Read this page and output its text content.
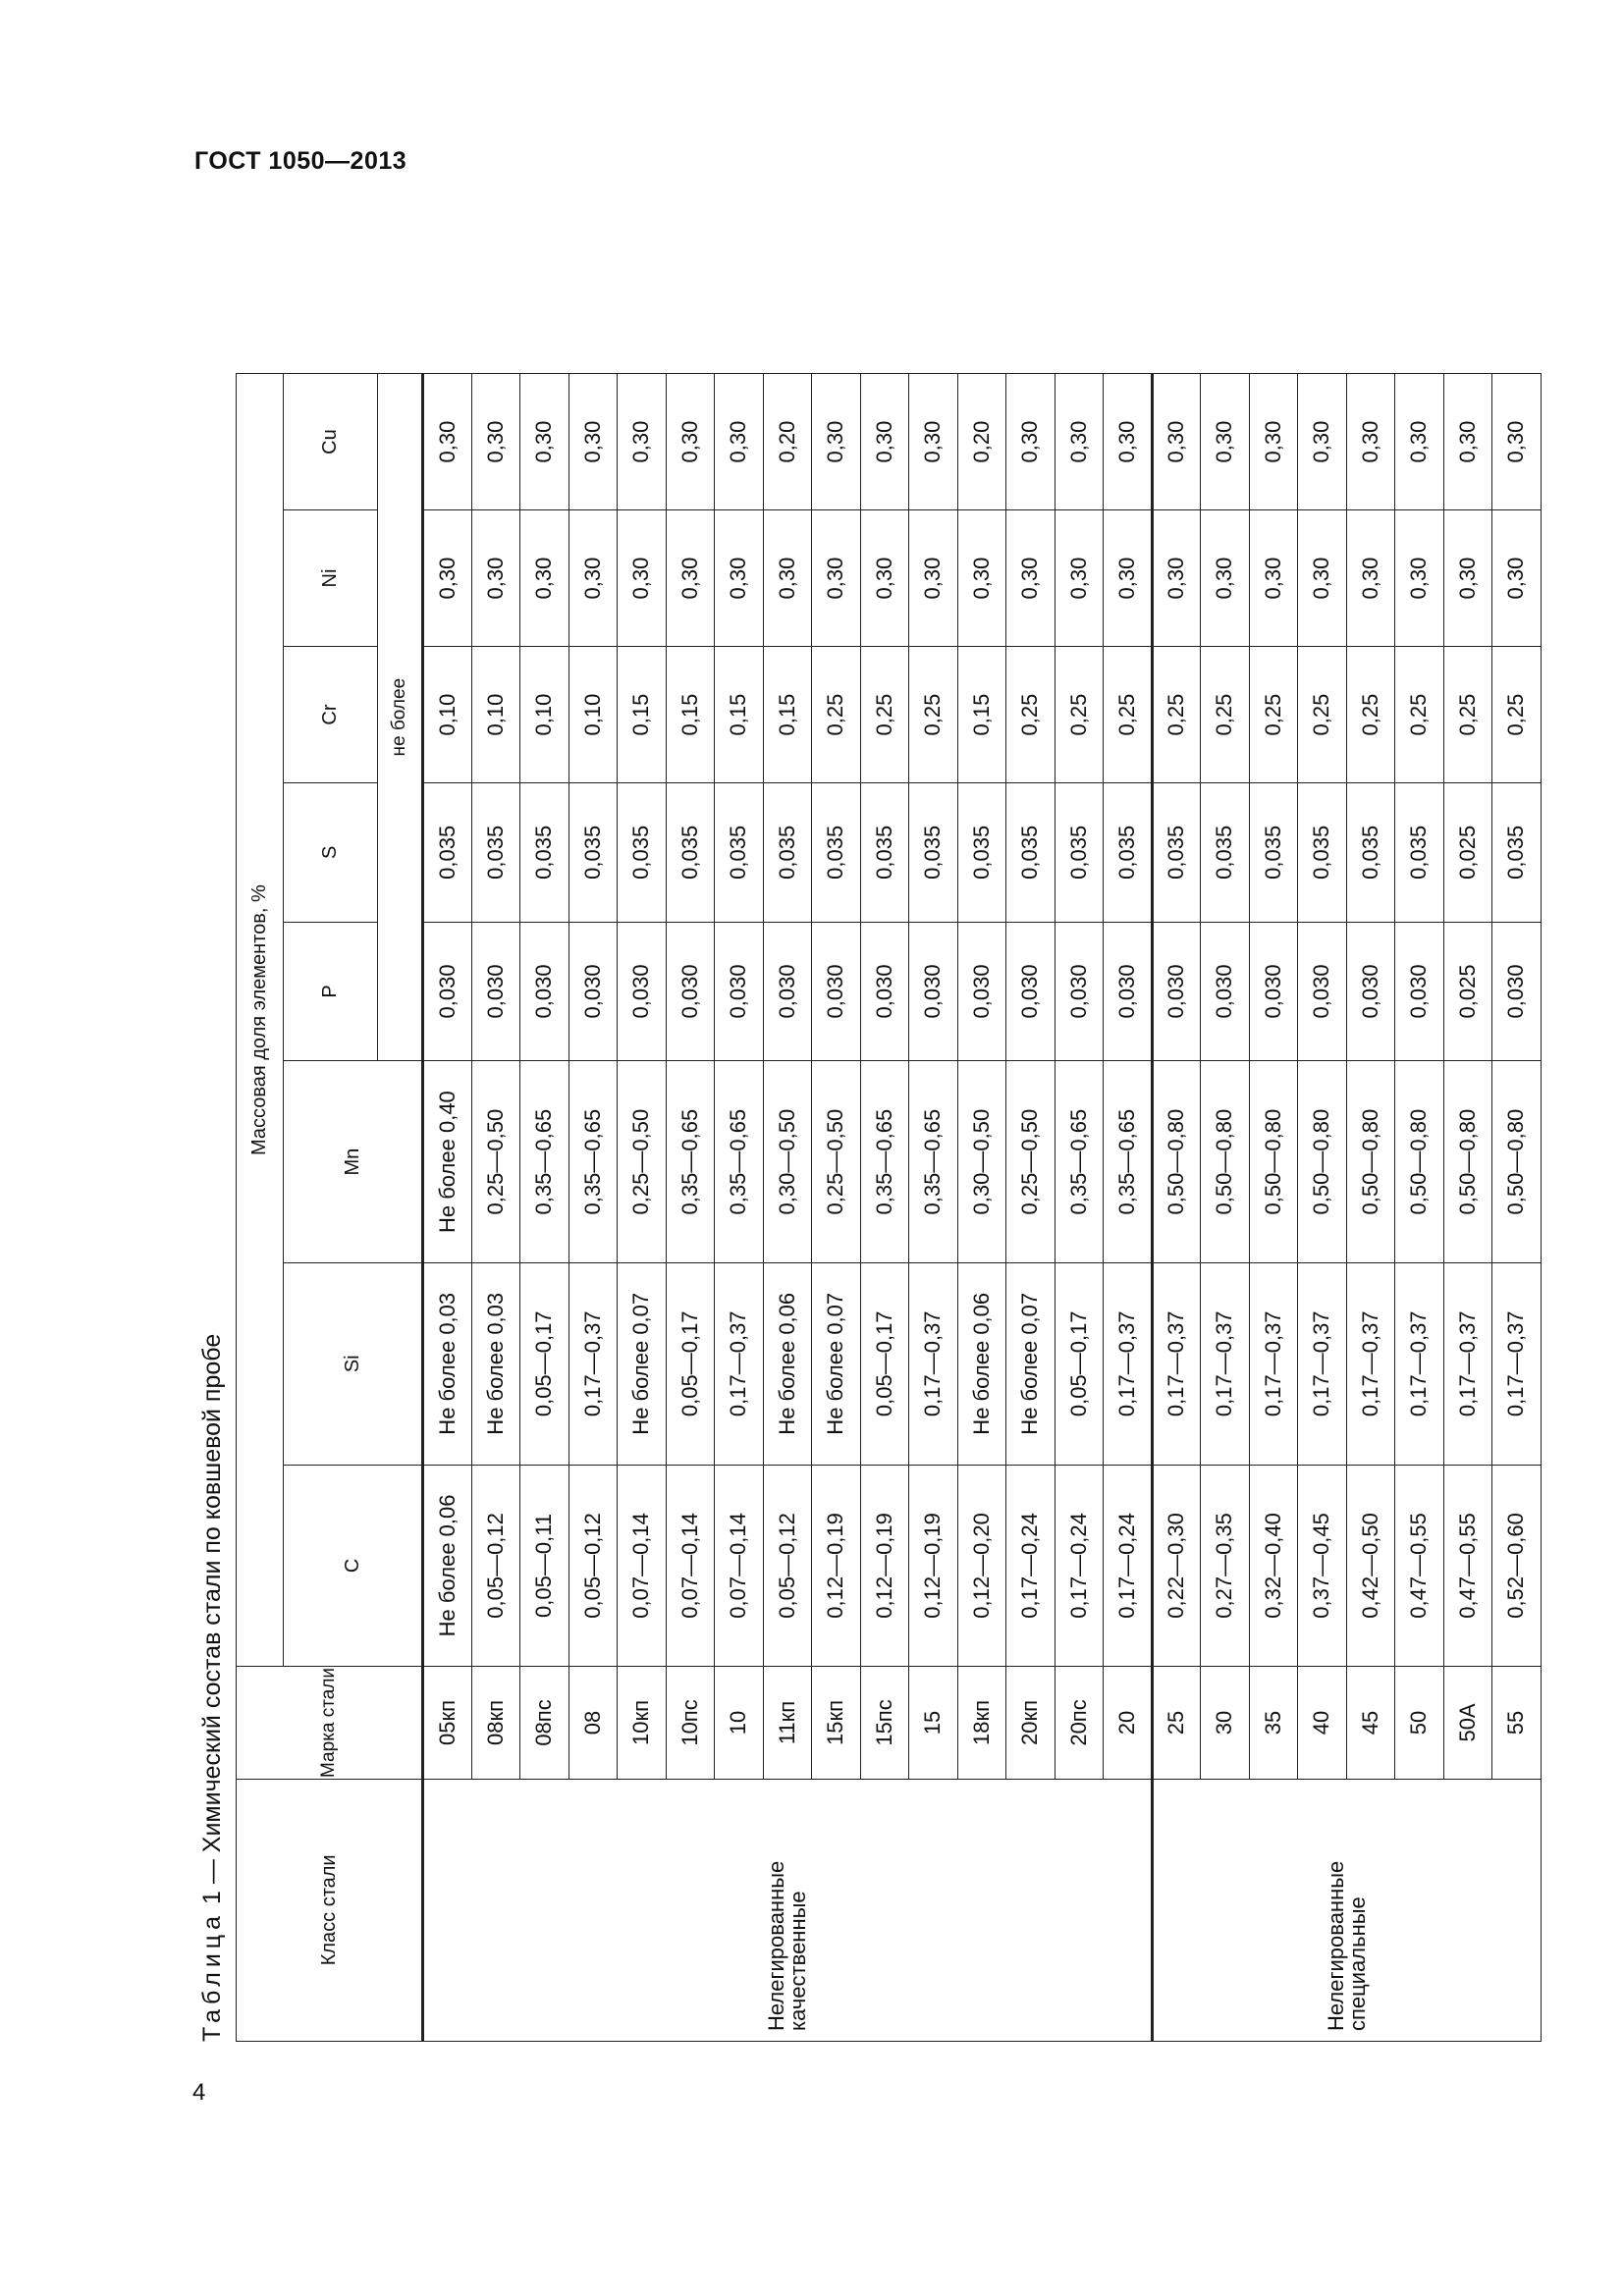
ГОСТ 1050—2013
4
Таблица 1 — Химический состав стали по ковшевой пробе
Класс стали	Марка стали	Массовая доля элементов, %							
		C	Si	Mn	P	S	Cr	Ni	Cu
					не более				
Нелегированные качественные	05кп	Не более 0,06	Не более 0,03	Не более 0,40	0,030	0,035	0,10	0,30	0,30
	08кп	0,05—0,12	Не более 0,03	0,25—0,50	0,030	0,035	0,10	0,30	0,30
	08пс	0,05—0,11	0,05—0,17	0,35—0,65	0,030	0,035	0,10	0,30	0,30
	08	0,05—0,12	0,17—0,37	0,35—0,65	0,030	0,035	0,10	0,30	0,30
	10кп	0,07—0,14	Не более 0,07	0,25—0,50	0,030	0,035	0,15	0,30	0,30
	10пс	0,07—0,14	0,05—0,17	0,35—0,65	0,030	0,035	0,15	0,30	0,30
	10	0,07—0,14	0,17—0,37	0,35—0,65	0,030	0,035	0,15	0,30	0,30
	11кп	0,05—0,12	Не более 0,06	0,30—0,50	0,030	0,035	0,15	0,30	0,20
	15кп	0,12—0,19	Не более 0,07	0,25—0,50	0,030	0,035	0,25	0,30	0,30
	15пс	0,12—0,19	0,05—0,17	0,35—0,65	0,030	0,035	0,25	0,30	0,30
	15	0,12—0,19	0,17—0,37	0,35—0,65	0,030	0,035	0,25	0,30	0,30
	18кп	0,12—0,20	Не более 0,06	0,30—0,50	0,030	0,035	0,15	0,30	0,20
	20кп	0,17—0,24	Не более 0,07	0,25—0,50	0,030	0,035	0,25	0,30	0,30
	20пс	0,17—0,24	0,05—0,17	0,35—0,65	0,030	0,035	0,25	0,30	0,30
	20	0,17—0,24	0,17—0,37	0,35—0,65	0,030	0,035	0,25	0,30	0,30
Нелегированные специальные	25	0,22—0,30	0,17—0,37	0,50—0,80	0,030	0,035	0,25	0,30	0,30
	30	0,27—0,35	0,17—0,37	0,50—0,80	0,030	0,035	0,25	0,30	0,30
	35	0,32—0,40	0,17—0,37	0,50—0,80	0,030	0,035	0,25	0,30	0,30
	40	0,37—0,45	0,17—0,37	0,50—0,80	0,030	0,035	0,25	0,30	0,30
	45	0,42—0,50	0,17—0,37	0,50—0,80	0,030	0,035	0,25	0,30	0,30
	50	0,47—0,55	0,17—0,37	0,50—0,80	0,030	0,035	0,25	0,30	0,30
	50А	0,47—0,55	0,17—0,37	0,50—0,80	0,025	0,025	0,25	0,30	0,30
	55	0,52—0,60	0,17—0,37	0,50—0,80	0,030	0,035	0,25	0,30	0,30
